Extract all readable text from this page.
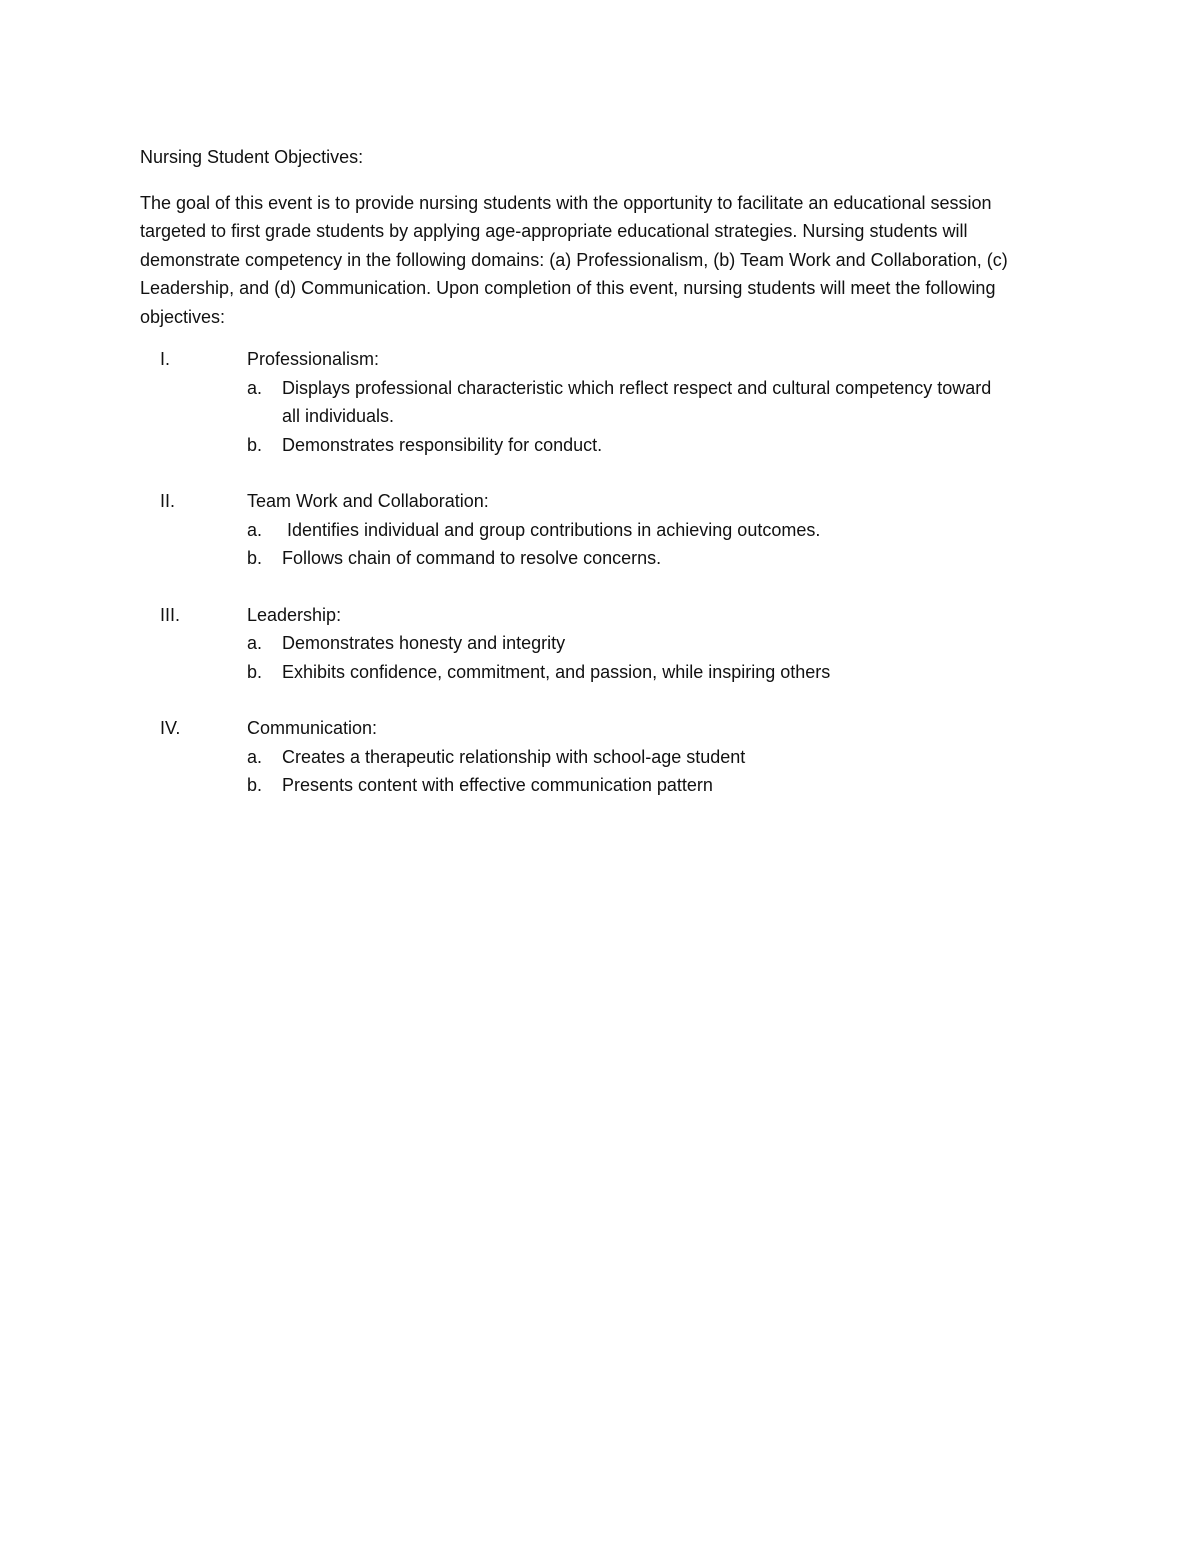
Nursing Student Objectives:

The goal of this event is to provide nursing students with the opportunity to facilitate an educational session targeted to first grade students by applying age-appropriate educational strategies. Nursing students will demonstrate competency in the following domains: (a) Professionalism, (b) Team Work and Collaboration, (c) Leadership, and (d) Communication. Upon completion of this event, nursing students will meet the following objectives:

I.	Professionalism:
a.	Displays professional characteristic which reflect respect and cultural competency toward all individuals.
b.	Demonstrates responsibility for conduct.
II.	Team Work and Collaboration:
a.	Identifies individual and group contributions in achieving outcomes.
b.	Follows chain of command to resolve concerns.
III.	Leadership:
a.	Demonstrates honesty and integrity
b.	Exhibits confidence, commitment, and passion, while inspiring others
IV.	Communication:
a.	Creates a therapeutic relationship with school-age student
b.	Presents content with effective communication pattern
